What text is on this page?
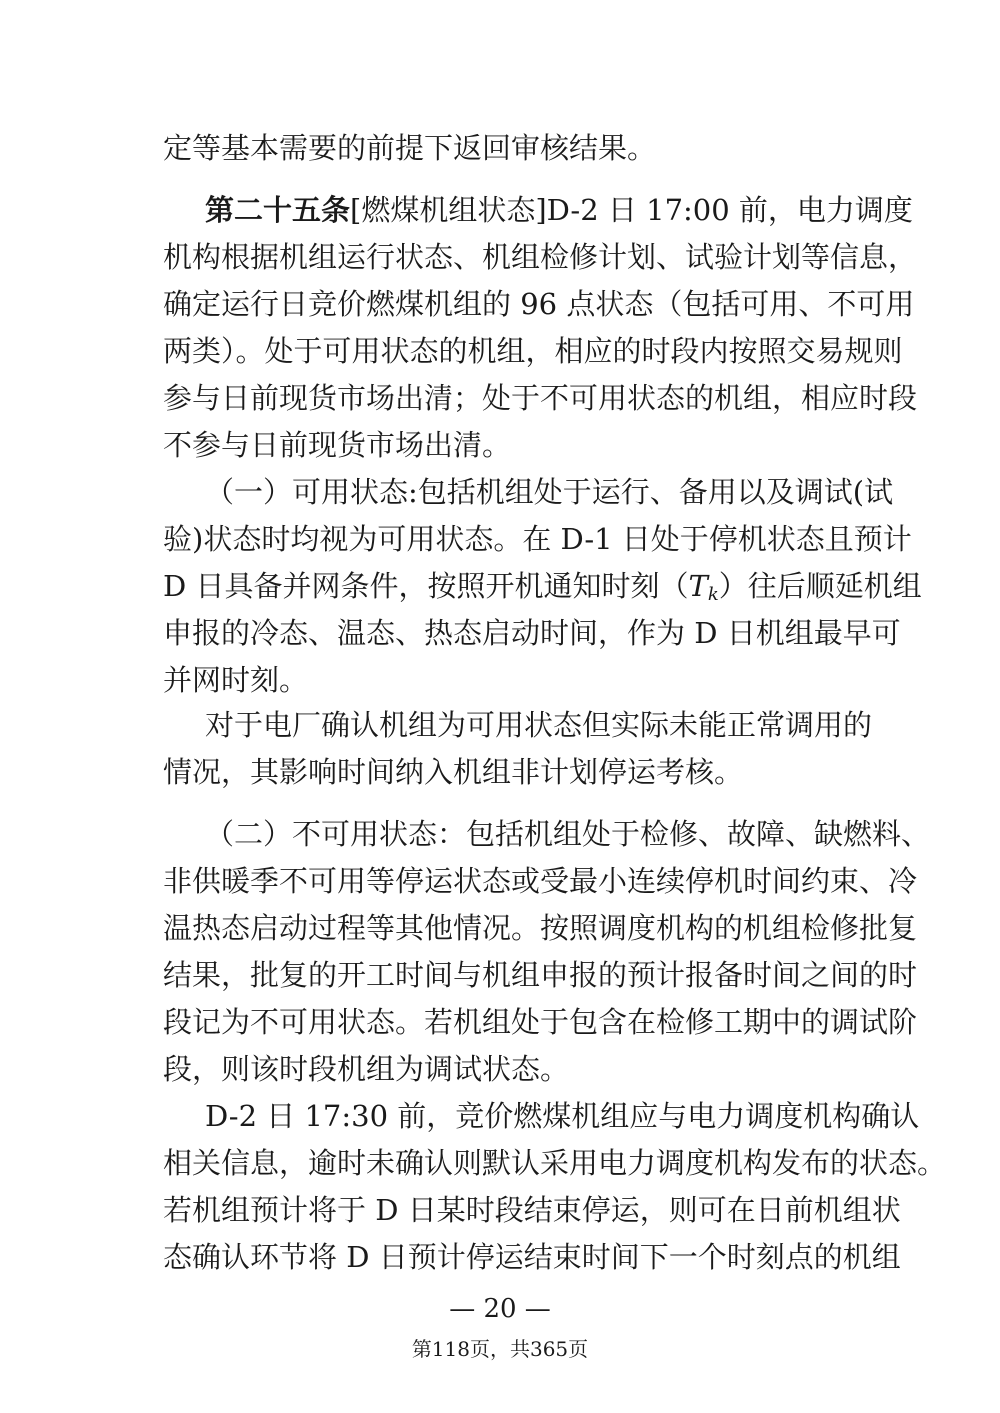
定等基本需要的前提下返回审核结果。
第二十五条[燃煤机组状态]D-2 日 17:00 前，电力调度
机构根据机组运行状态、机组检修计划、试验计划等信息，
确定运行日竞价燃煤机组的 96 点状态（包括可用、不可用
两类）。处于可用状态的机组，相应的时段内按照交易规则
参与日前现货市场出清；处于不可用状态的机组，相应时段
不参与日前现货市场出清。
（一）可用状态:包括机组处于运行、备用以及调试(试
验)状态时均视为可用状态。在 D-1 日处于停机状态且预计
D 日具备并网条件，按照开机通知时刻$(T_k)$往后顺延机组
申报的冷态、温态、热态启动时间，作为 D 日机组最早可
并网时刻。
对于电厂确认机组为可用状态但实际未能正常调用的
情况，其影响时间纳入机组非计划停运考核。
（二）不可用状态：包括机组处于检修、故障、缺燃料、
非供暖季不可用等停运状态或受最小连续停机时间约束、冷
温热态启动过程等其他情况。按照调度机构的机组检修批复
结果，批复的开工时间与机组申报的预计报备时间之间的时
段记为不可用状态。若机组处于包含在检修工期中的调试阶
段，则该时段机组为调试状态。
D-2 日 17:30 前，竞价燃煤机组应与电力调度机构确认
相关信息，逾时未确认则默认采用电力调度机构发布的状态。
若机组预计将于 D 日某时段结束停运，则可在日前机组状
态确认环节将 D 日预计停运结束时间下一个时刻点的机组
— 20 —
第118页，共365页
